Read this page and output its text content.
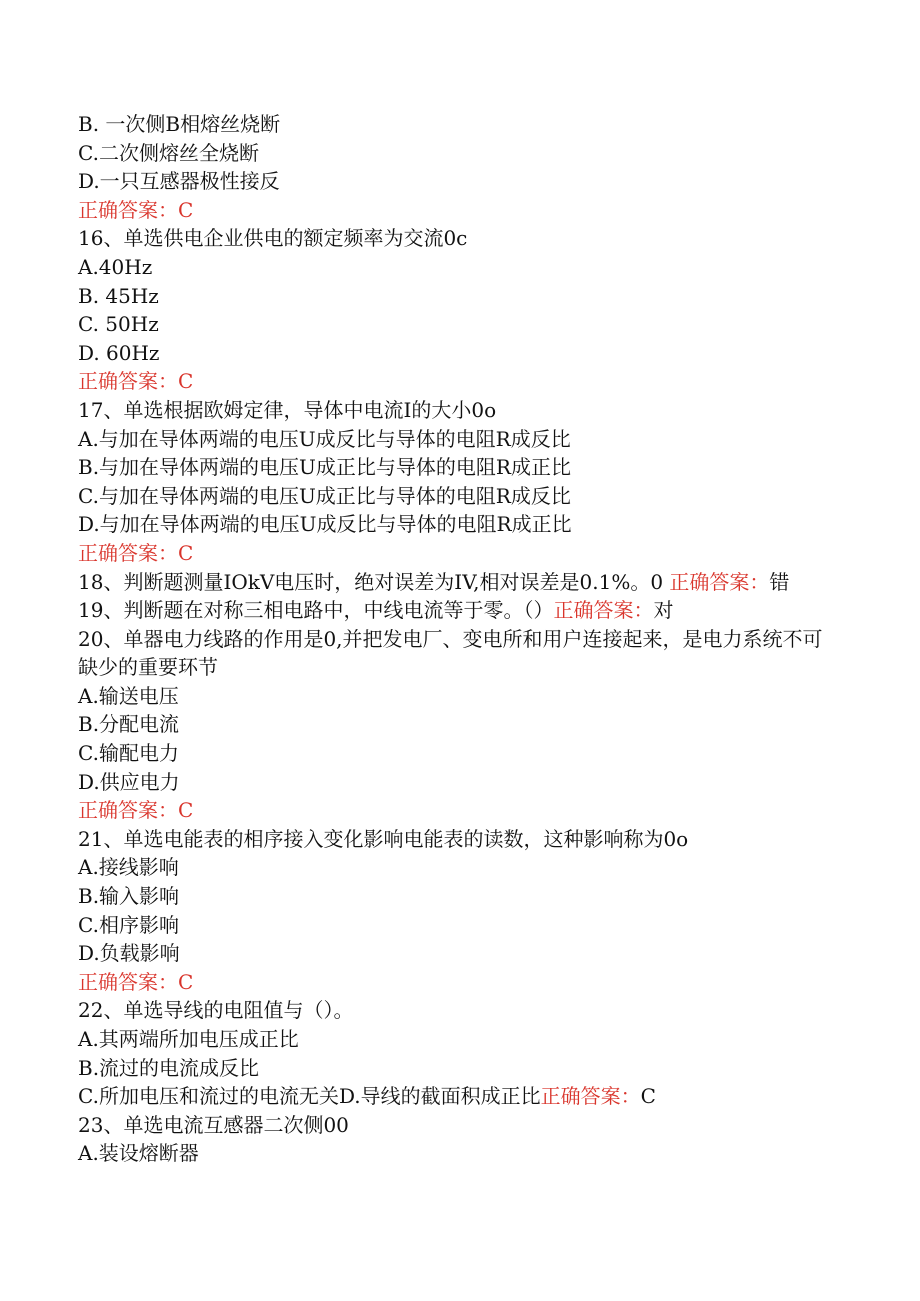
B. 一次侧B相熔丝烧断
C.二次侧熔丝全烧断
D.一只互感器极性接反
正确答案：C
16、单选供电企业供电的额定频率为交流0c
A.40Hz
B. 45Hz
C. 50Hz
D. 60Hz
正确答案：C
17、单选根据欧姆定律，导体中电流I的大小0o
A.与加在导体两端的电压U成反比与导体的电阻R成反比
B.与加在导体两端的电压U成正比与导体的电阻R成正比
C.与加在导体两端的电压U成正比与导体的电阻R成反比
D.与加在导体两端的电压U成反比与导体的电阻R成正比
正确答案：C
18、判断题测量IOkV电压时，绝对误差为IV,相对误差是0.1%。0 正确答案：错
19、判断题在对称三相电路中，中线电流等于零。（）正确答案：对
20、单器电力线路的作用是0,并把发电厂、变电所和用户连接起来，是电力系统不可缺少的重要环节
A.输送电压
B.分配电流
C.输配电力
D.供应电力
正确答案：C
21、单选电能表的相序接入变化影响电能表的读数，这种影响称为0o
A.接线影响
B.输入影响
C.相序影响
D.负载影响
正确答案：C
22、单选导线的电阻值与（）。
A.其两端所加电压成正比
B.流过的电流成反比
C.所加电压和流过的电流无关D.导线的截面积成正比正确答案：C
23、单选电流互感器二次侧00
A.装设熔断器
